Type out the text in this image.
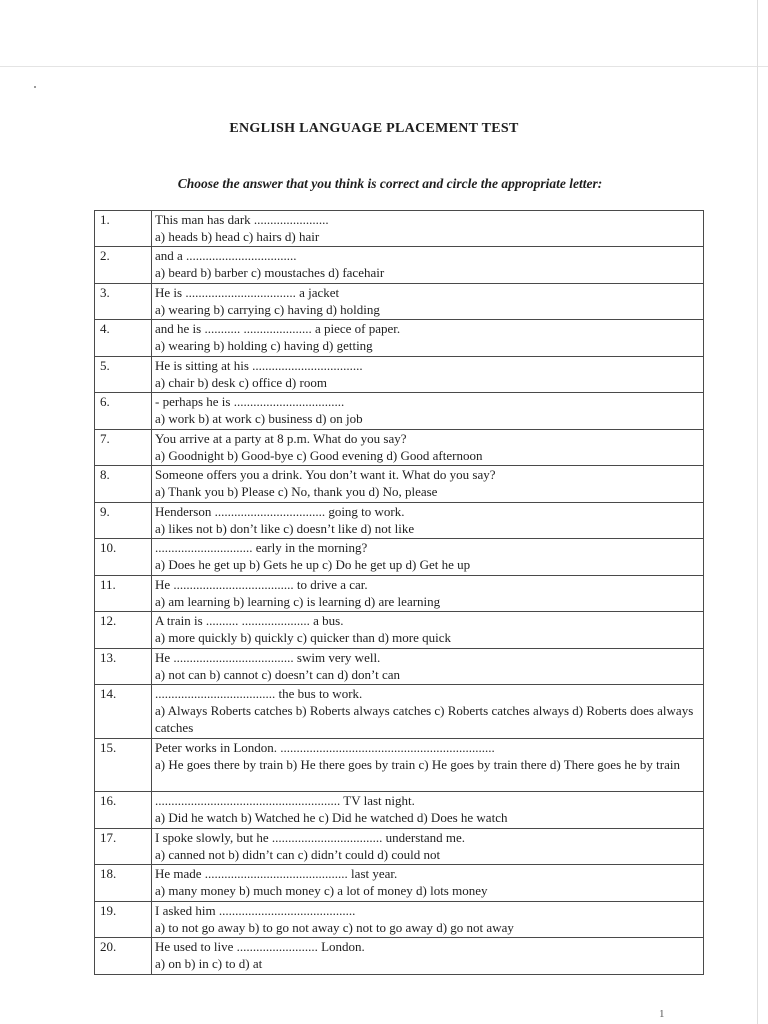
ENGLISH LANGUAGE PLACEMENT TEST
Choose the answer that you think is correct and circle the appropriate letter:
1.	This man has dark .......................
a) heads b) head c) hairs d) hair

2.	and a ..................................
a) beard b) barber c) moustaches d) facehair

3.	He is .................................. a jacket
a) wearing b) carrying c) having d) holding

4.	and he is ........... ..................... a piece of paper.
a) wearing b) holding c) having d) getting

5.	He is sitting at his ..................................
a) chair b) desk c) office d) room

6.	- perhaps he is ..................................
a) work b) at work c) business d) on job

7.	You arrive at a party at 8 p.m. What do you say?
a) Goodnight b) Good-bye c) Good evening d) Good afternoon

8.	Someone offers you a drink. You don’t want it. What do you say?
a) Thank you b) Please c) No, thank you d) No, please

9.	Henderson .................................. going to work.
a) likes not b) don’t like c) doesn’t like d) not like

10.	.............................. early in the morning?
a) Does he get up b) Gets he up c) Do he get up d) Get he up

11.	He ..................................... to drive a car.
a) am learning b) learning c) is learning d) are learning

12.	A train is .......... ..................... a bus.
a) more quickly b) quickly c) quicker than d) more quick

13.	He ..................................... swim very well.
a) not can b) cannot c) doesn’t can d) don’t can

14.	..................................... the bus to work.
a) Always Roberts catches b) Roberts always catches c) Roberts catches always d) Roberts does always catches

15.	Peter works in London. ..................................................................
a) He goes there by train b) He there goes by train c) He goes by train there d) There goes he by train

16.	......................................................... TV last night.
a) Did he watch b) Watched he c) Did he watched d) Does he watch

17.	I spoke slowly, but he .................................. understand me.
a) canned not b) didn’t can c) didn’t could d) could not

18.	He made ............................................ last year.
a) many money b) much money c) a lot of money d) lots money

19.	I asked him ..........................................
a) to not go away b) to go not away c) not to go away d) go not away

20.	He used to live ......................... London.
a) on b) in c) to d) at
1
